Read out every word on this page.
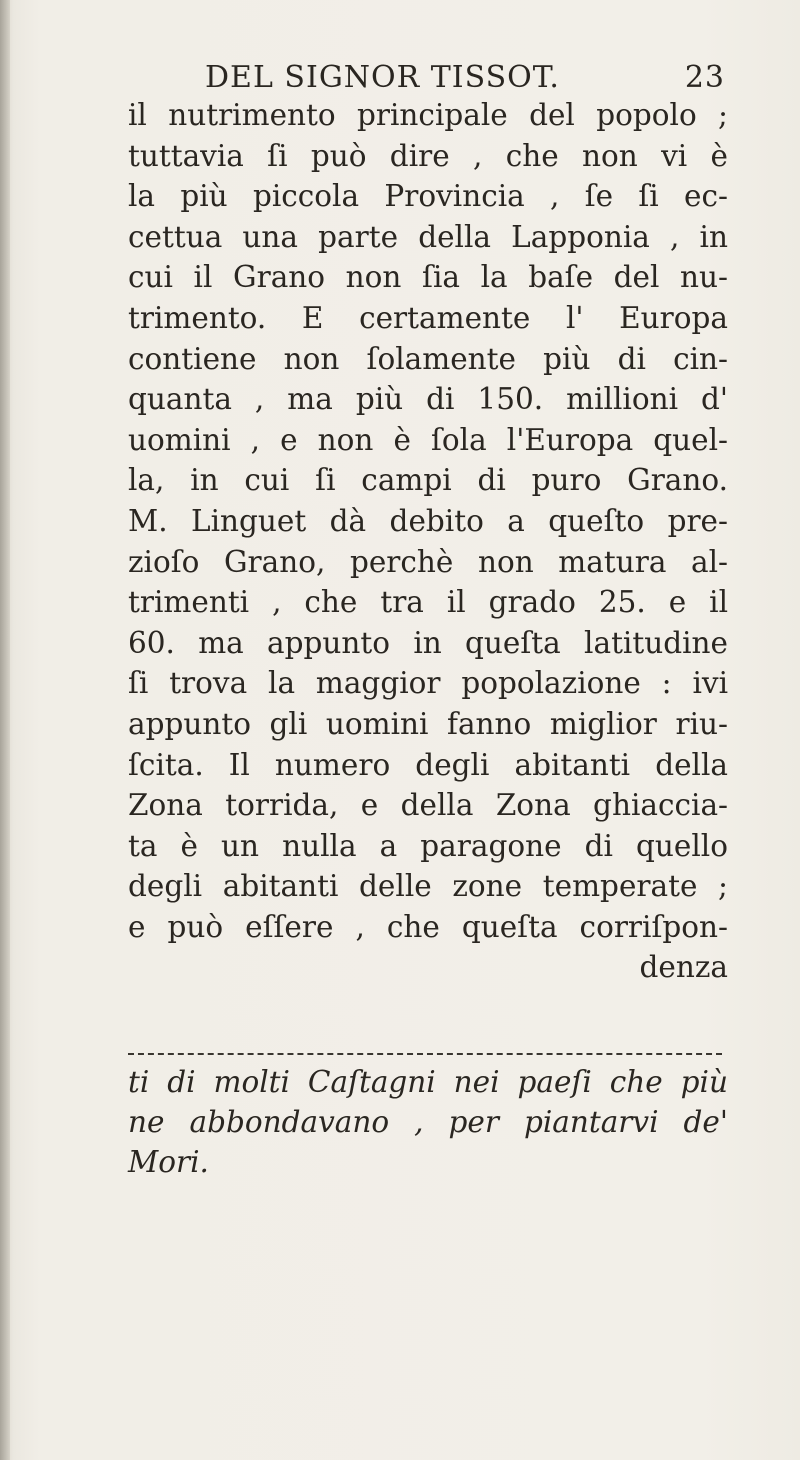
DEL SIGNOR TISSOT.	23
il nutrimento principale del popolo ;
tuttavia ſi può dire , che non vi è
la più piccola Provincia , ſe ſi ec-
cettua una parte della Lapponia , in
cui il Grano non ſia la baſe del nu-
trimento. E certamente l' Europa
contiene non ſolamente più di cin-
quanta , ma più di 150. millioni d'
uomini , e non è ſola l'Europa quel-
la, in cui ſi campi di puro Grano.
M. Linguet dà debito a queſto pre-
zioſo Grano, perchè non matura al-
trimenti , che tra il grado 25. e il
60. ma appunto in queſta latitudine
ſi trova la maggior popolazione : ivi
appunto gli uomini fanno miglior riu-
ſcita. Il numero degli abitanti della
Zona torrida, e della Zona ghiaccia-
ta è un nulla a paragone di quello
degli abitanti delle zone temperate ;
e può eſſere , che queſta corriſpon-
denza
ti di molti Caſtagni nei paeſi che più
ne abbondavano , per piantarvi de'
Mori.
